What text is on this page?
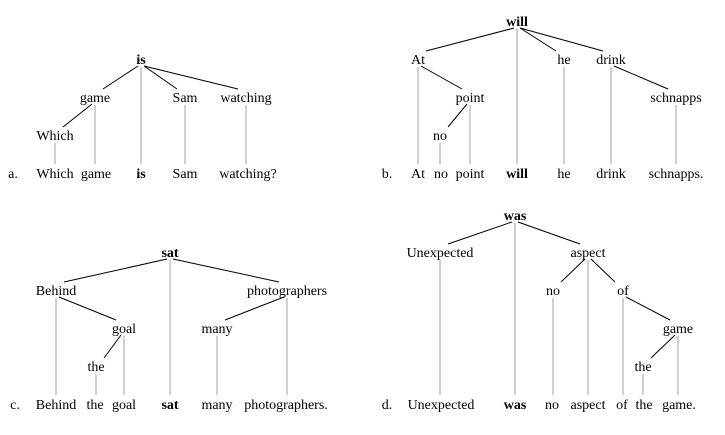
is
game	Sam watching
Which
a. Which game is Sam watching?
will
At	he drink
point	schnapps
no
b. At no point will he drink schnapps.
sat
Behind	photographers
goal	many
the
c. Behind the goal sat many photographers.
was
Unexpected	aspect
no	of
game
the
d. Unexpected was no aspect of the game.
